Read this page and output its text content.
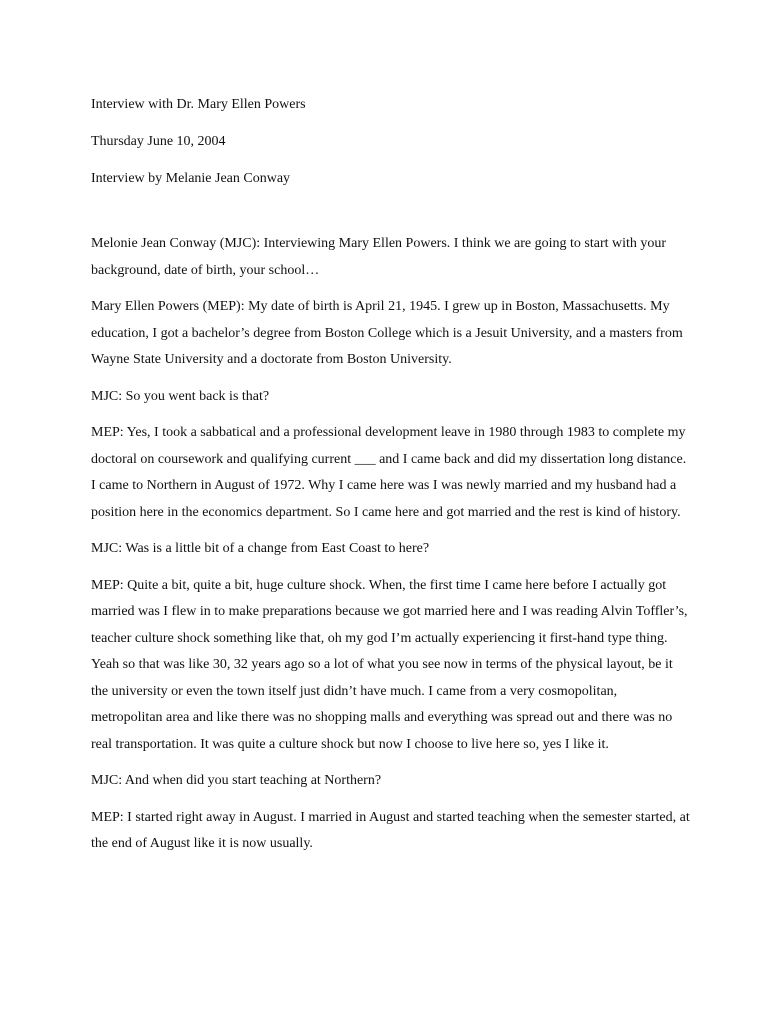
Interview with Dr. Mary Ellen Powers

Thursday June 10, 2004

Interview by Melanie Jean Conway

Melonie Jean Conway (MJC): Interviewing Mary Ellen Powers. I think we are going to start with your background, date of birth, your school…

Mary Ellen Powers (MEP): My date of birth is April 21, 1945. I grew up in Boston, Massachusetts. My education, I got a bachelor’s degree from Boston College which is a Jesuit University, and a masters from Wayne State University and a doctorate from Boston University.

MJC: So you went back is that?

MEP: Yes, I took a sabbatical and a professional development leave in 1980 through 1983 to complete my doctoral on coursework and qualifying current ___ and I came back and did my dissertation long distance. I came to Northern in August of 1972. Why I came here was I was newly married and my husband had a position here in the economics department. So I came here and got married and the rest is kind of history.

MJC: Was is a little bit of a change from East Coast to here?

MEP: Quite a bit, quite a bit, huge culture shock. When, the first time I came here before I actually got married was I flew in to make preparations because we got married here and I was reading Alvin Toffler’s, teacher culture shock something like that, oh my god I’m actually experiencing it first-hand type thing. Yeah so that was like 30, 32 years ago so a lot of what you see now in terms of the physical layout, be it the university or even the town itself just didn’t have much. I came from a very cosmopolitan, metropolitan area and like there was no shopping malls and everything was spread out and there was no real transportation. It was quite a culture shock but now I choose to live here so, yes I like it.

MJC: And when did you start teaching at Northern?

MEP: I started right away in August. I married in August and started teaching when the semester started, at the end of August like it is now usually.
